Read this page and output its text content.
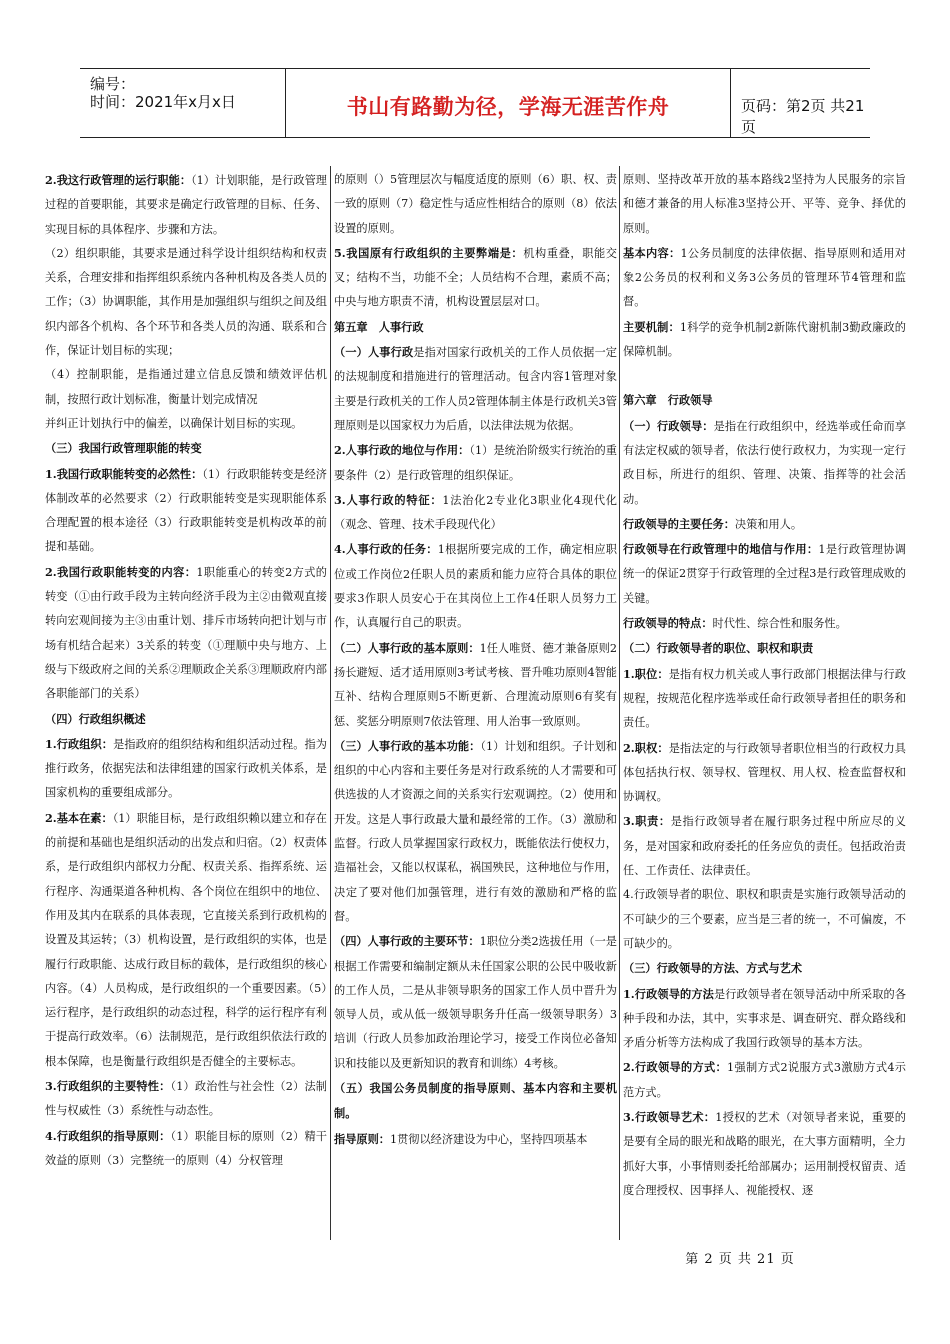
编号：
时间：2021年x月x日	书山有路勤为径，学海无涯苦作舟	页码：第2页 共21页

2.我这行政管理的运行职能：（1）计划职能，是行政管理过程的首要职能，其要求是确定行政管理的目标、任务、实现目标的具体程序、步骤和方法。

（2）组织职能，其要求是通过科学设计组织结构和权责关系，合理安排和指挥组织系统内各种机构及各类人员的工作；（3）协调职能，其作用是加强组织与组织之间及组织内部各个机构、各个环节和各类人员的沟通、联系和合作，保证计划目标的实现；

（4）控制职能，是指通过建立信息反馈和绩效评估机制，按照行政计划标准，衡量计划完成情况

并纠正计划执行中的偏差，以确保计划目标的实现。

（三）我国行政管理职能的转变

1.我国行政职能转变的必然性：（1）行政职能转变是经济体制改革的必然要求（2）行政职能转变是实现职能体系合理配置的根本途径（3）行政职能转变是机构改革的前提和基础。

2.我国行政职能转变的内容：1职能重心的转变2方式的转变（①由行政手段为主转向经济手段为主②由微观直接转向宏观间接为主③由重计划、排斥市场转向把计划与市场有机结合起来）3关系的转变（①理顺中央与地方、上级与下级政府之间的关系②理顺政企关系③理顺政府内部各职能部门的关系）

（四）行政组织概述

1.行政组织：是指政府的组织结构和组织活动过程。指为推行政务，依据宪法和法律组建的国家行政机关体系，是国家机构的重要组成部分。

2.基本在素：（1）职能目标，是行政组织赖以建立和存在的前提和基础也是组织活动的出发点和归宿。（2）权责体系，是行政组织内部权力分配、权责关系、指挥系统、运行程序、沟通渠道各种机构、各个岗位在组织中的地位、作用及其内在联系的具体表现，它直接关系到行政机构的设置及其运转；（3）机构设置，是行政组织的实体，也是履行行政职能、达成行政目标的载体，是行政组织的核心内容。（4）人员构成，是行政组织的一个重要因素。（5）运行程序，是行政组织的动态过程，科学的运行程序有利于提高行政效率。（6）法制规范，是行政组织依法行政的根本保障，也是衡量行政组织是否健全的主要标志。

3.行政组织的主要特性：（1）政治性与社会性（2）法制性与权威性（3）系统性与动态性。

4.行政组织的指导原则：（1）职能目标的原则（2）精干效益的原则（3）完整统一的原则（4）分权管理

的原则（）5管理层次与幅度适度的原则（6）职、权、责一致的原则（7）稳定性与适应性相结合的原则（8）依法设置的原则。

5.我国原有行政组织的主要弊端是：机构重叠，职能交叉；结构不当，功能不全；人员结构不合理，素质不高；中央与地方职责不清，机构设置层层对口。

第五章　人事行政

（一）人事行政是指对国家行政机关的工作人员依据一定的法规制度和措施进行的管理活动。包含内容1管理对象主要是行政机关的工作人员2管理体制主体是行政机关3管理原则是以国家权力为后盾，以法律法规为依据。

2.人事行政的地位与作用：（1）是统治阶级实行统治的重要条件（2）是行政管理的组织保证。

3.人事行政的特征：1法治化2专业化3职业化4现代化（观念、管理、技术手段现代化）

4.人事行政的任务：1根据所要完成的工作，确定相应职位或工作岗位2任职人员的素质和能力应符合具体的职位要求3作职人员安心于在其岗位上工作4任职人员努力工作，认真履行自己的职责。

（二）人事行政的基本原则：1任人唯贤、德才兼备原则2扬长避短、适才适用原则3考试考核、晋升唯功原则4智能互补、结构合理原则5不断更新、合理流动原则6有奖有惩、奖惩分明原则7依法管理、用人治事一致原则。

（三）人事行政的基本功能：（1）计划和组织。子计划和组织的中心内容和主要任务是对行政系统的人才需要和可供选拔的人才资源之间的关系实行宏观调控。（2）使用和开发。这是人事行政最大量和最经常的工作。（3）激励和监督。行政人员掌握国家行政权力，既能依法行使权力，造福社会，又能以权谋私，祸国殃民，这种地位与作用，决定了要对他们加强管理，进行有效的激励和严格的监督。

（四）人事行政的主要环节：1职位分类2选拔任用（一是根据工作需要和编制定额从未任国家公职的公民中吸收新的工作人员，二是从非领导职务的国家工作人员中晋升为领导人员，或从低一级领导职务升任高一级领导职务）3培训（行政人员参加政治理论学习，接受工作岗位必备知识和技能以及更新知识的教育和训练）4考核。

（五）我国公务员制度的指导原则、基本内容和主要机制。

指导原则：1贯彻以经济建设为中心，坚持四项基本

原则、坚持改革开放的基本路线2坚持为人民服务的宗旨和德才兼备的用人标准3坚持公开、平等、竞争、择优的原则。

基本内容：1公务员制度的法律依据、指导原则和适用对象2公务员的权利和义务3公务员的管理环节4管理和监督。

主要机制：1科学的竞争机制2新陈代谢机制3勤政廉政的保障机制。

第六章　行政领导

（一）行政领导：是指在行政组织中，经选举或任命而享有法定权威的领导者，依法行使行政权力，为实现一定行政目标，所进行的组织、管理、决策、指挥等的社会活动。

行政领导的主要任务：决策和用人。

行政领导在行政管理中的地信与作用：1是行政管理协调统一的保证2贯穿于行政管理的全过程3是行政管理成败的关键。

行政领导的特点：时代性、综合性和服务性。

（二）行政领导者的职位、职权和职责

1.职位：是指有权力机关或人事行政部门根据法律与行政规程，按规范化程序选举或任命行政领导者担任的职务和责任。

2.职权：是指法定的与行政领导者职位相当的行政权力具体包括执行权、领导权、管理权、用人权、检查监督权和协调权。

3.职责：是指行政领导者在履行职务过程中所应尽的义务，是对国家和政府委托的任务应负的责任。包括政治责任、工作责任、法律责任。

4.行政领导者的职位、职权和职责是实施行政领导活动的不可缺少的三个要素，应当是三者的统一，不可偏废，不可缺少的。

（三）行政领导的方法、方式与艺术

1.行政领导的方法是行政领导者在领导活动中所采取的各种手段和办法，其中，实事求是、调查研究、群众路线和矛盾分析等方法构成了我国行政领导的基本方法。

2.行政领导的方式：1强制方式2说服方式3激励方式4示范方式。

3.行政领导艺术：1授权的艺术（对领导者来说，重要的是要有全局的眼光和战略的眼光，在大事方面精明，全力抓好大事，小事情则委托给部属办；运用制授权留责、适度合理授权、因事择人、视能授权、逐

第 2 页 共 21 页
